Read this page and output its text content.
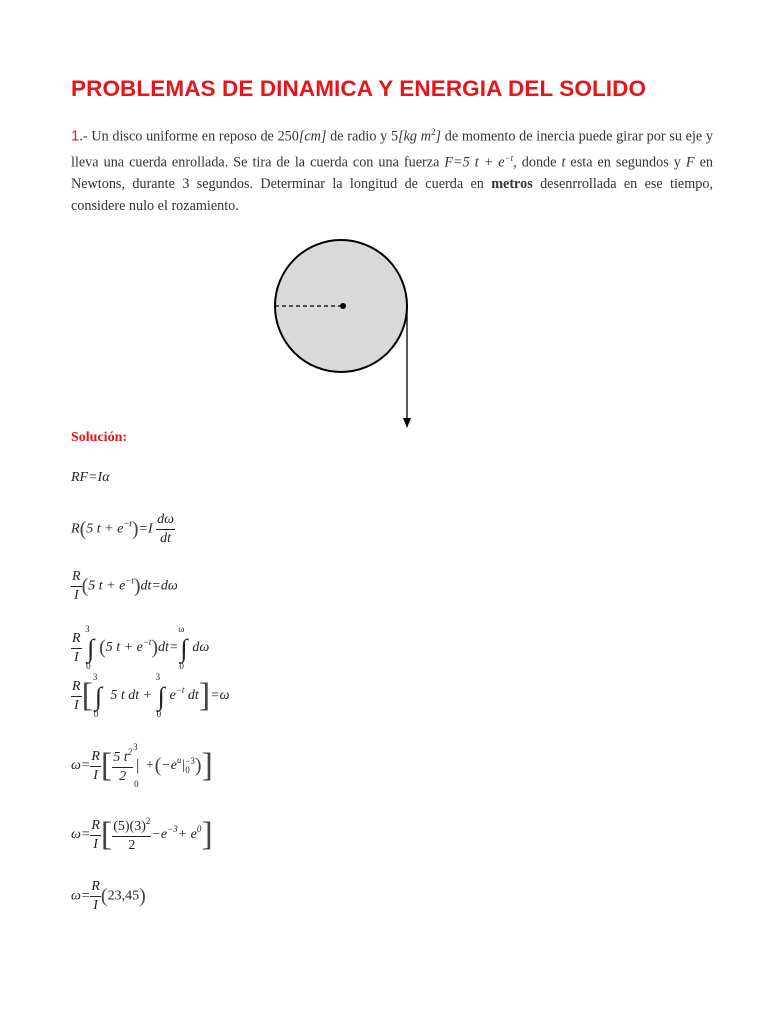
PROBLEMAS DE DINAMICA Y ENERGIA DEL SOLIDO
1.- Un disco uniforme en reposo de 250[cm] de radio y 5[kg $m^2$] de momento de inercia puede girar por su eje y lleva una cuerda enrollada. Se tira de la cuerda con una fuerza F=5 $t + e^{-t}$, donde t esta en segundos y F en Newtons, durante 3 segundos. Determinar la longitud de cuerda en metros desenrrollada en ese tiempo, considere nulo el rozamiento.
Solución:
RF=Iα
R(5 $t + e^{-t})=I \frac{d\omega}{dt}$
$\frac{R}{I} (5$ $t + e^{-t})dt=d\omega$
$\frac{R}{I}$

3
∫
0
(5 $t + e^{-t})dt=$
ω
∫
0
dω
$\frac{R}{I}$ [ 3
∫
0
5 t dt +
3
∫
0
$e^{-t}$ dt]=ω
$\omega= \frac{R}{I}$ [ $\frac{5 t^2}{2}$
3
|
0
$+(-e^u|-3$
0 )]
$\omega= \frac{R}{I}$ [ $\frac{(5)(3)^2}{2} -e^{-3}+ e^0$]
$\omega= \frac{R}{I} (23,45)$
